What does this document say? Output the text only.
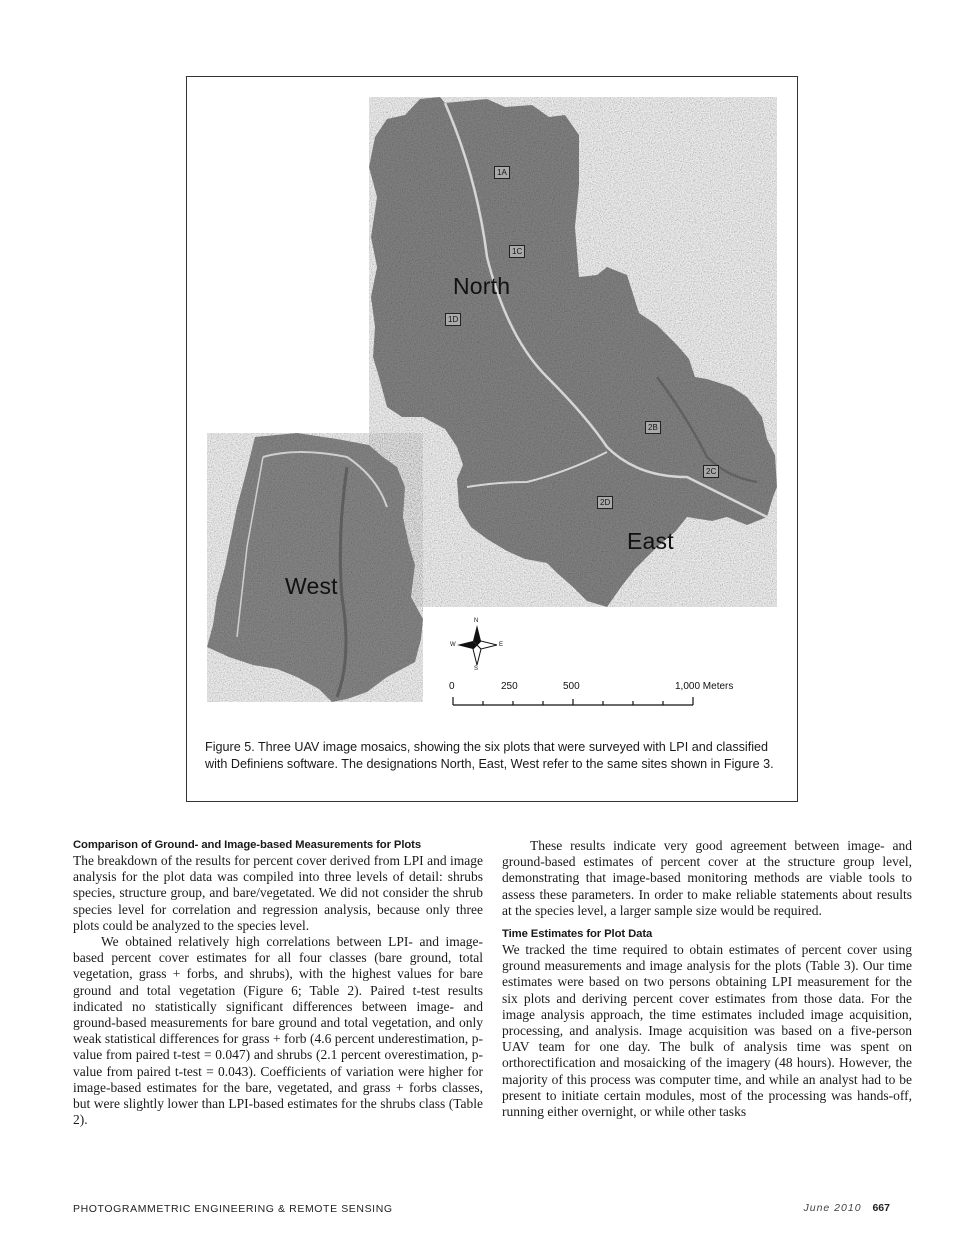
North
East
West
1A
1C
1D
2B
2C
2D
0	250	500	1,000 Meters
N
S
E
W
Figure 5. Three UAV image mosaics, showing the six plots that were surveyed with LPI and classified with Definiens software. The designations North, East, West refer to the same sites shown in Figure 3.

Comparison of Ground- and Image-based Measurements for Plots

The breakdown of the results for percent cover derived from LPI and image analysis for the plot data was compiled into three levels of detail: shrubs species, structure group, and bare/vegetated. We did not consider the shrub species level for correlation and regression analysis, because only three plots could be analyzed to the species level.

We obtained relatively high correlations between LPI- and image-based percent cover estimates for all four classes (bare ground, total vegetation, grass + forbs, and shrubs), with the highest values for bare ground and total vegetation (Figure 6; Table 2). Paired t-test results indicated no statistically significant differences between image- and ground-based measurements for bare ground and total vegetation, and only weak statistical differences for grass + forb (4.6 percent underestimation, p-value from paired t-test = 0.047) and shrubs (2.1 percent overestimation, p-value from paired t-test = 0.043). Coefficients of variation were higher for image-based estimates for the bare, vegetated, and grass + forbs classes, but were slightly lower than LPI-based estimates for the shrubs class (Table 2).

These results indicate very good agreement between image- and ground-based estimates of percent cover at the structure group level, demonstrating that image-based monitoring methods are viable tools to assess these parameters. In order to make reliable statements about results at the species level, a larger sample size would be required.

Time Estimates for Plot Data

We tracked the time required to obtain estimates of percent cover using ground measurements and image analysis for the plots (Table 3). Our time estimates were based on two persons obtaining LPI measurement for the six plots and deriving percent cover estimates from those data. For the image analysis approach, the time estimates included image acquisition, processing, and analysis. Image acquisition was based on a five-person UAV team for one day. The bulk of analysis time was spent on orthorectification and mosaicking of the imagery (48 hours). However, the majority of this process was computer time, and while an analyst had to be present to initiate certain modules, most of the processing was hands-off, running either overnight, or while other tasks

PHOTOGRAMMETRIC ENGINEERING & REMOTE SENSING	June 2010 667
